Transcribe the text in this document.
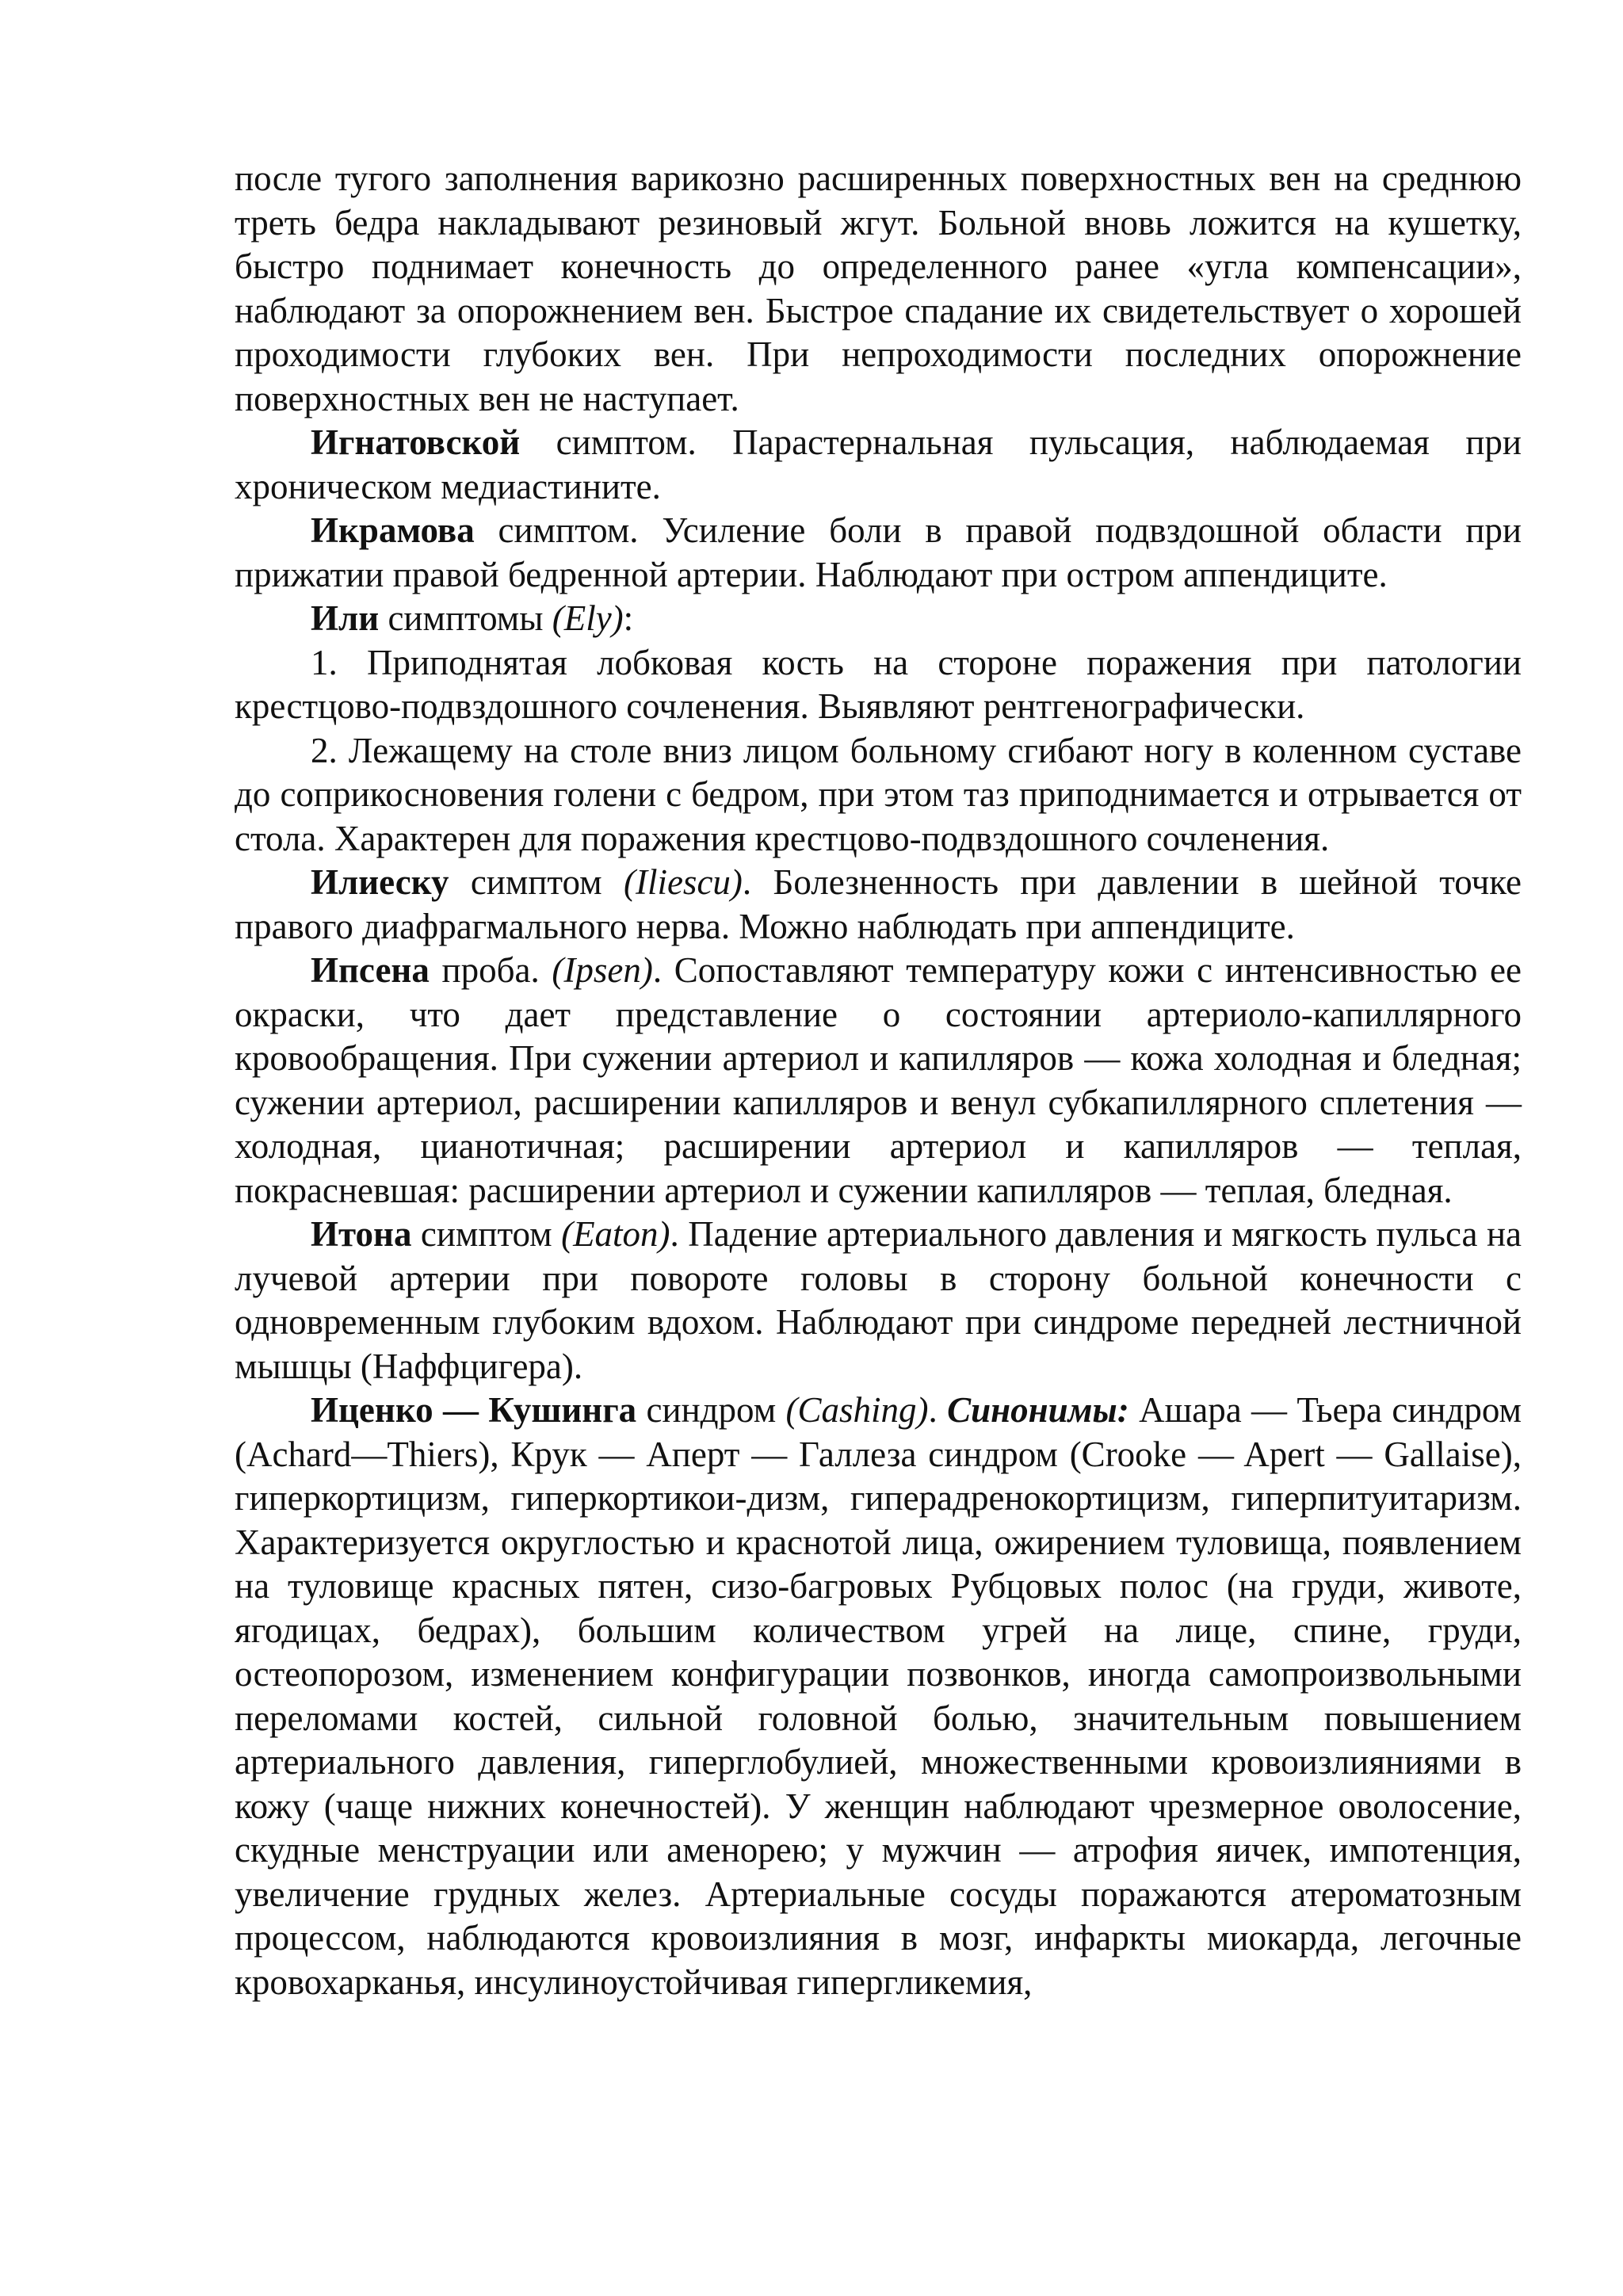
после тугого заполнения варикозно расширенных поверхностных вен на среднюю треть бедра накладывают резиновый жгут. Больной вновь ложится на кушетку, быстро поднимает конечность до определенного ранее «угла компенсации», наблюдают за опорожнением вен. Быстрое спадание их свидетельствует о хорошей проходимости глубоких вен. При непроходимости последних опорожнение поверхностных вен не наступает.

Игнатовской симптом. Парастернальная пульсация, наблюдаемая при хроническом медиастините.

Икрамова симптом. Усиление боли в правой подвздошной области при прижатии правой бедренной артерии. Наблюдают при остром аппендиците.

Или симптомы (Ely):

1. Приподнятая лобковая кость на стороне поражения при патологии крестцово-подвздошного сочленения. Выявляют рентгенографически.

2. Лежащему на столе вниз лицом больному сгибают ногу в коленном суставе до соприкосновения голени с бедром, при этом таз приподнимается и отрывается от стола. Характерен для поражения крестцово-подвздошного сочленения.

Илиеску симптом (Iliescu). Болезненность при давлении в шейной точке правого диафрагмального нерва. Можно наблюдать при аппендиците.

Ипсена проба. (Ipsen). Сопоставляют температуру кожи с интенсивностью ее окраски, что дает представление о состоянии артериоло-капиллярного кровообращения. При сужении артериол и капилляров — кожа холодная и бледная; сужении артериол, расширении капилляров и венул субкапиллярного сплетения — холодная, цианотичная; расширении артериол и капилляров — теплая, покрасневшая: расширении артериол и сужении капилляров — теплая, бледная.

Итона симптом (Eaton). Падение артериального давления и мягкость пульса на лучевой артерии при повороте головы в сторону больной конечности с одновременным глубоким вдохом. Наблюдают при синдроме передней лестничной мышцы (Наффцигера).

Иценко — Кушинга синдром (Cashing). Синонимы: Ашара — Тьера синдром (Achard—Thiers), Крук — Аперт — Галлеза синдром (Crooke — Apert — Gallaise), гиперкортицизм, гиперкортикои-дизм, гиперадренокортицизм, гиперпитуитаризм. Характеризуется округлостью и краснотой лица, ожирением туловища, появлением на туловище красных пятен, сизо-багровых Рубцовых полос (на груди, животе, ягодицах, бедрах), большим количеством угрей на лице, спине, груди, остеопорозом, изменением конфигурации позвонков, иногда самопроизвольными переломами костей, сильной головной болью, значительным повышением артериального давления, гиперглобулией, множественными кровоизлияниями в кожу (чаще нижних конечностей). У женщин наблюдают чрезмерное оволосение, скудные менструации или аменорею; у мужчин — атрофия яичек, импотенция, увеличение грудных желез. Артериальные сосуды поражаются атероматозным процессом, наблюдаются кровоизлияния в мозг, инфаркты миокарда, легочные кровохарканья, инсулиноустойчивая гипергликемия,
